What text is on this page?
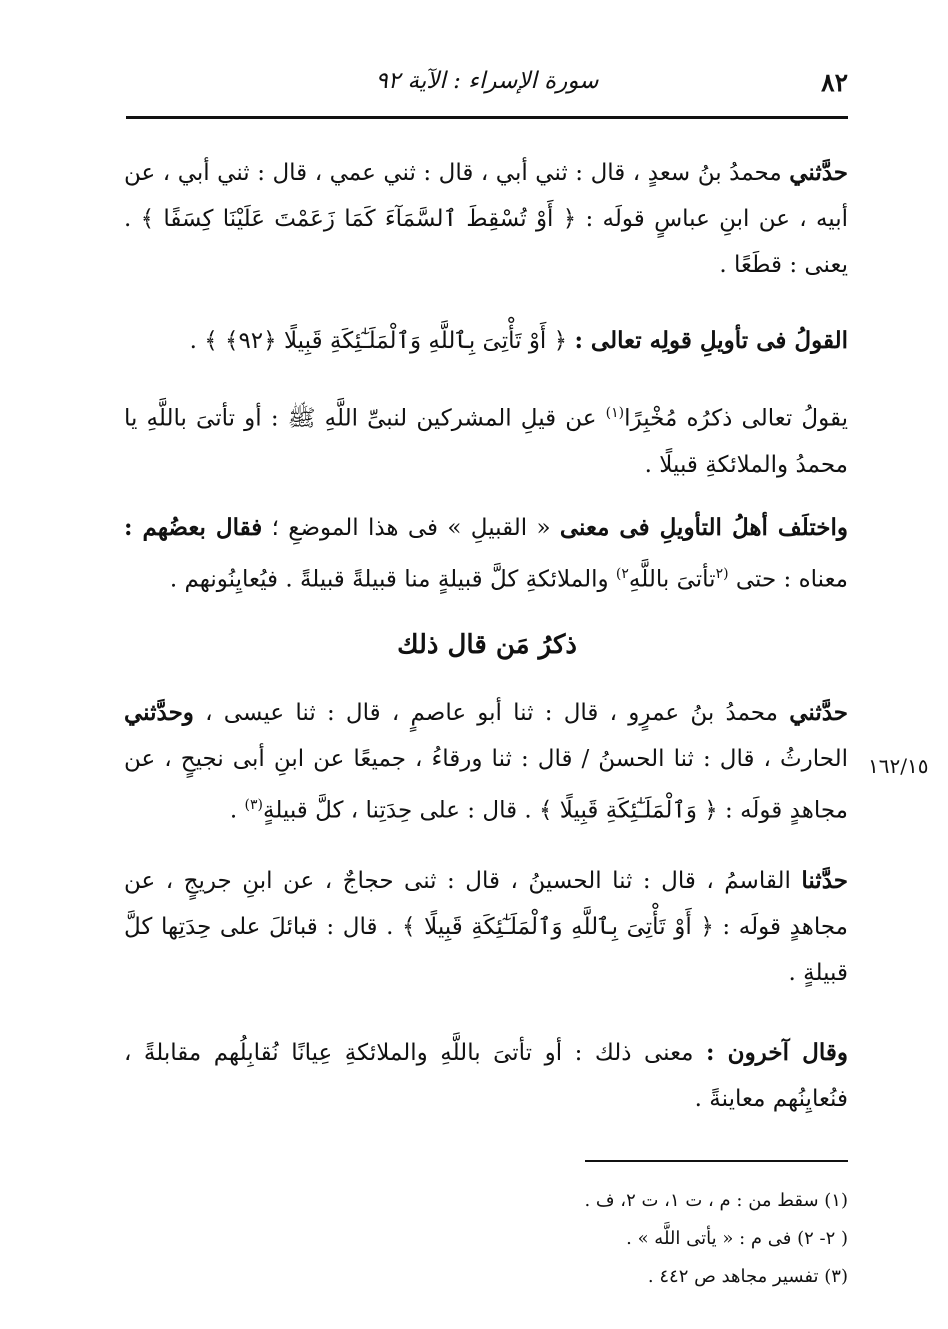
٨٢
سورة الإسراء : الآية ٩٢
حدَّثني محمدُ بنُ سعدٍ ، قال : ثني أبي ، قال : ثني عمي ، قال : ثني أبي ، عن أبيه ، عن ابنِ عباسٍ قولَه : ﴿ أَوْ تُسْقِطَ ٱلسَّمَآءَ كَمَا زَعَمْتَ عَلَيْنَا كِسَفًا ﴾ . يعنى : قطَعًا .
القولُ فى تأويلِ قولِه تعالى : ﴿ أَوْ تَأْتِىَ بِٱللَّهِ وَٱلْمَلَـٰٓئِكَةِ قَبِيلًا ﴿٩٢﴾ ﴾ .
يقولُ تعالى ذكرُه مُخْبِرًا$^{(١)}$ عن قيلِ المشركين لنبىِّ اللَّهِ ﷺ : أو تأتىَ باللَّهِ يا محمدُ والملائكةِ قبيلًا .
واختلَف أهلُ التأويلِ فى معنى « القبيلِ » فى هذا الموضعِ ؛ فقال بعضُهم : معناه : حتى $^{(٢}$تأتىَ باللَّهِ$^{٢)}$ والملائكةِ كلَّ قبيلةٍ منا قبيلةً قبيلةً . فيُعايِنُونهم .
ذكرُ مَن قال ذلك
حدَّثني محمدُ بنُ عمرٍو ، قال : ثنا أبو عاصمٍ ، قال : ثنا عيسى ، وحدَّثني الحارثُ ، قال : ثنا الحسنُ / قال : ثنا ورقاءُ ، جميعًا عن ابنِ أبى نجيحٍ ، عن مجاهدٍ قولَه : ﴿ وَٱلْمَلَـٰٓئِكَةِ قَبِيلًا ﴾ . قال : على حِدَتِنا ، كلَّ قبيلةٍ$^{(٣)}$ .
١٦٢/١٥
حدَّثنا القاسمُ ، قال : ثنا الحسينُ ، قال : ثنى حجاجٌ ، عن ابنِ جريجٍ ، عن مجاهدٍ قولَه : ﴿ أَوْ تَأْتِىَ بِٱللَّهِ وَٱلْمَلَـٰٓئِكَةِ قَبِيلًا ﴾ . قال : قبائلَ على حِدَتِها كلَّ قبيلةٍ .
وقال آخرون : معنى ذلك : أو تأتىَ باللَّهِ والملائكةِ عِيانًا نُقابِلُهم مقابلةً ، فنُعايِنُهم معاينةً .
(١) سقط من : م ، ت ١، ت ٢، ف .
( ٢- ٢) فى م : « يأتى اللَّه » .
(٣) تفسير مجاهد ص ٤٤٢ .
